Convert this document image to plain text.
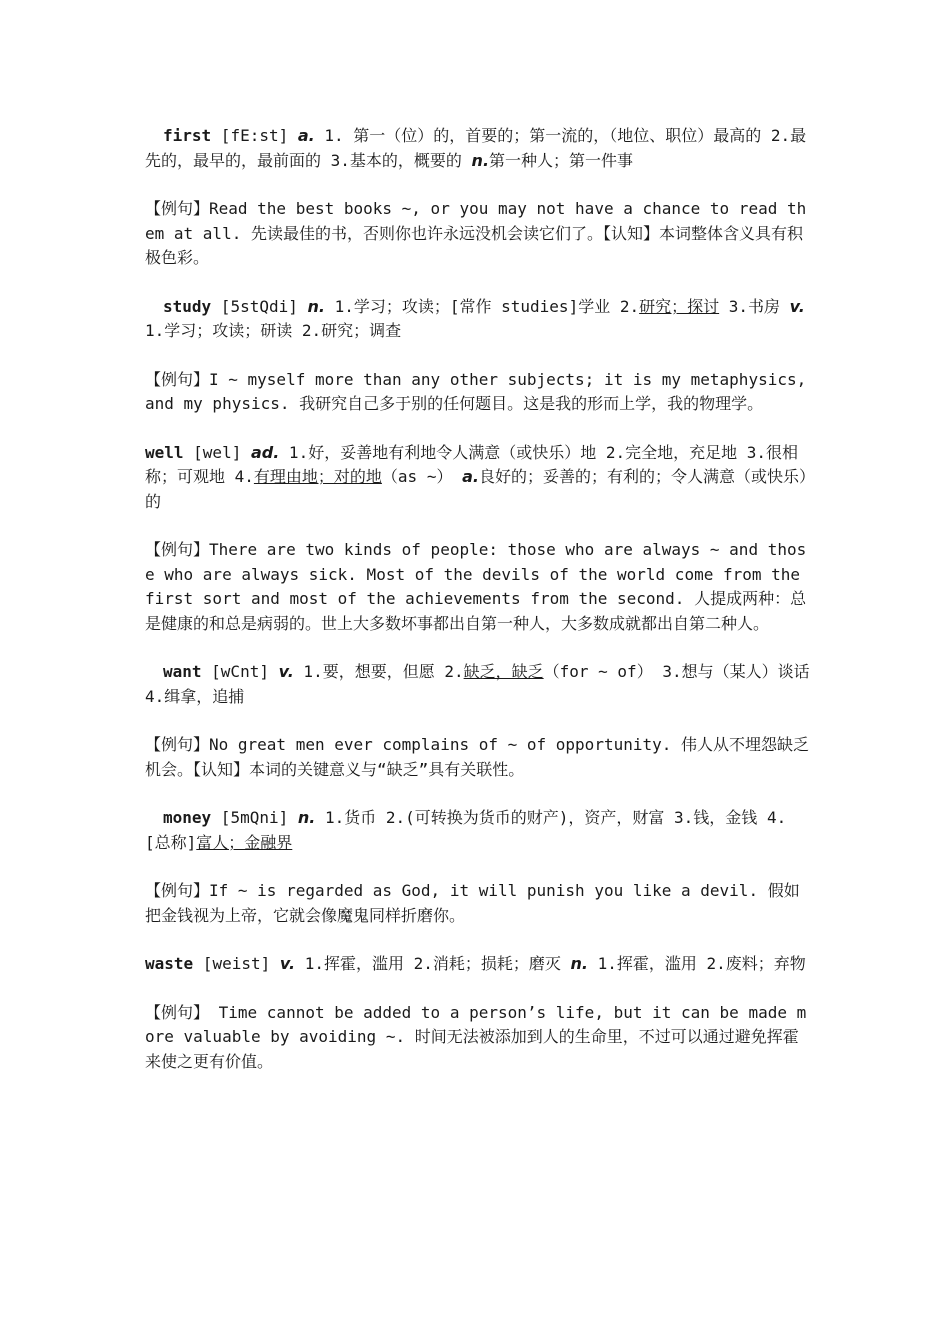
first [fE:st] a. 1. 第一（位）的，首要的；第一流的，（地位、职位）最高的 2.最先的，最早的，最前面的 3.基本的，概要的 n.第一种人；第一件事

【例句】Read the best books ~, or you may not have a chance to read them at all. 先读最佳的书，否则你也许永远没机会读它们了。【认知】本词整体含义具有积极色彩。

study [5stQdi] n. 1.学习；攻读；[常作 studies]学业 2.研究；探讨 3.书房 v. 1.学习；攻读；研读 2.研究；调查

【例句】I ~ myself more than any other subjects; it is my metaphysics, and my physics. 我研究自己多于别的任何题目。这是我的形而上学，我的物理学。

well [wel] ad. 1.好，妥善地有利地令人满意（或快乐）地 2.完全地，充足地 3.很相称；可观地 4.有理由地；对的地（as ~） a.良好的；妥善的；有利的；令人满意（或快乐）的

【例句】There are two kinds of people: those who are always ~ and those who are always sick. Most of the devils of the world come from the first sort and most of the achievements from the second. 人提成两种：总是健康的和总是病弱的。世上大多数坏事都出自第一种人，大多数成就都出自第二种人。

want [wCnt] v. 1.要，想要，但愿 2.缺乏，缺乏（for ~ of） 3.想与（某人）谈话 4.缉拿，追捕

【例句】No great men ever complains of ~ of opportunity. 伟人从不埋怨缺乏机会。【认知】本词的关键意义与“缺乏”具有关联性。

money [5mQni] n. 1.货币 2.(可转换为货币的财产)，资产，财富 3.钱，金钱 4.[总称]富人；金融界

【例句】If ~ is regarded as God, it will punish you like a devil. 假如把金钱视为上帝，它就会像魔鬼同样折磨你。

waste [weist] v. 1.挥霍，滥用 2.消耗；损耗；磨灭 n. 1.挥霍，滥用 2.废料；弃物

【例句】 Time cannot be added to a person’s life, but it can be made more valuable by avoiding ~. 时间无法被添加到人的生命里，不过可以通过避免挥霍来使之更有价值。
